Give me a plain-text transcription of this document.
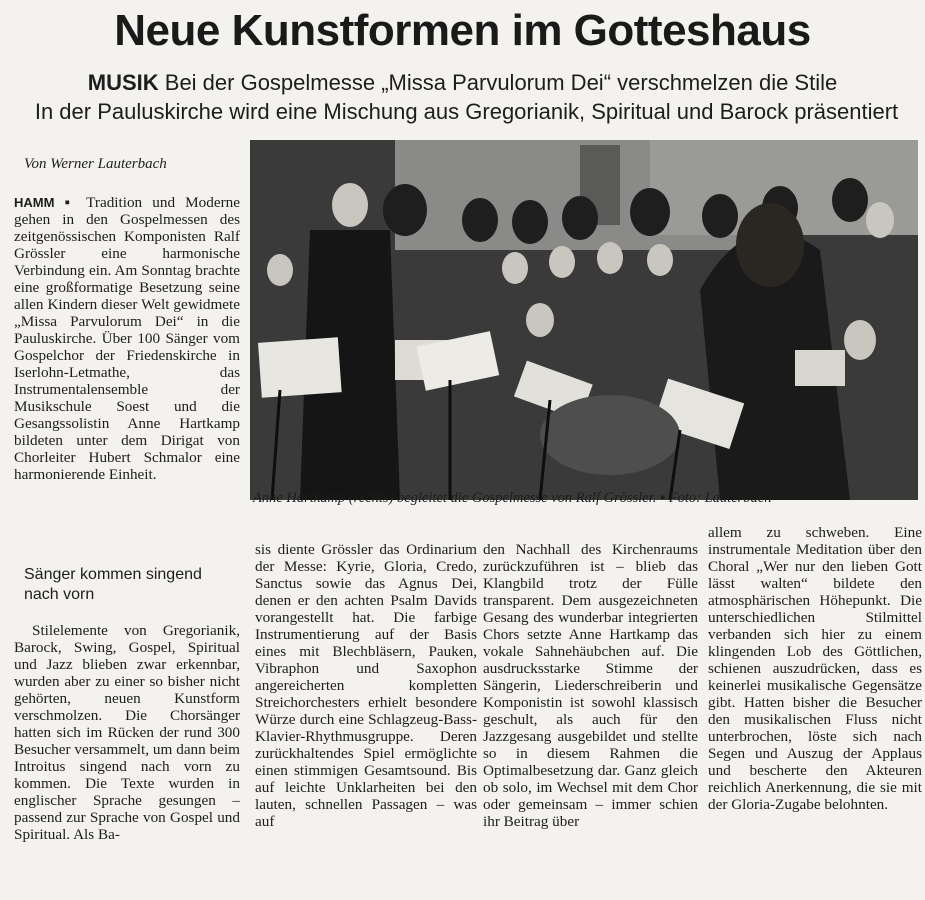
Neue Kunstformen im Gotteshaus
MUSIK Bei der Gospelmesse „Missa Parvulorum Dei“ verschmelzen die Stile
In der Pauluskirche wird eine Mischung aus Gregorianik, Spiritual und Barock präsentiert
Von Werner Lauterbach
Anne Hartkamp (rechts) begleitet die Gospelmesse von Ralf Grössler. ▪ Foto: Lauterbach
HAMM ▪ Tradition und Moderne gehen in den Gospelmessen des zeitgenössischen Komponisten Ralf Grössler eine harmonische Verbindung ein. Am Sonntag brachte eine großformatige Besetzung seine allen Kindern dieser Welt gewidmete „Missa Parvulorum Dei“ in die Pauluskirche. Über 100 Sänger vom Gospelchor der Friedenskirche in Iserlohn-Letmathe, das Instrumentalensemble der Musikschule Soest und die Gesangssolistin Anne Hartkamp bildeten unter dem Dirigat von Chorleiter Hubert Schmalor eine harmonierende Einheit.
Sänger kommen singend nach vorn

Stilelemente von Gregorianik, Barock, Swing, Gospel, Spiritual und Jazz blieben zwar erkennbar, wurden aber zu einer so bisher nicht gehörten, neuen Kunstform verschmolzen. Die Chorsänger hatten sich im Rücken der rund 300 Besucher versammelt, um dann beim Introitus singend nach vorn zu kommen. Die Texte wurden in englischer Sprache gesungen – passend zur Sprache von Gospel und Spiritual. Als Ba-

sis diente Grössler das Ordinarium der Messe: Kyrie, Gloria, Credo, Sanctus sowie das Agnus Dei, denen er den achten Psalm Davids vorangestellt hat. Die farbige Instrumentierung auf der Basis eines mit Blechbläsern, Pauken, Vibraphon und Saxophon angereicherten kompletten Streichorchesters erhielt besondere Würze durch eine Schlagzeug-Bass-Klavier-Rhythmusgruppe. Deren zurückhaltendes Spiel ermöglichte einen stimmigen Gesamtsound. Bis auf leichte Unklarheiten bei den lauten, schnellen Passagen – was auf

den Nachhall des Kirchenraums zurückzuführen ist – blieb das Klangbild trotz der Fülle transparent. Dem ausgezeichneten Gesang des wunderbar integrierten Chors setzte Anne Hartkamp das vokale Sahnehäubchen auf. Die ausdrucksstarke Stimme der Sängerin, Liederschreiberin und Komponistin ist sowohl klassisch geschult, als auch für den Jazzgesang ausgebildet und stellte so in diesem Rahmen die Optimalbesetzung dar. Ganz gleich ob solo, im Wechsel mit dem Chor oder gemeinsam – immer schien ihr Beitrag über

allem zu schweben. Eine instrumentale Meditation über den Choral „Wer nur den lieben Gott lässt walten“ bildete den atmosphärischen Höhepunkt. Die unterschiedlichen Stilmittel verbanden sich hier zu einem klingenden Lob des Göttlichen, schienen auszudrücken, dass es keinerlei musikalische Gegensätze gibt. Hatten bisher die Besucher den musikalischen Fluss nicht unterbrochen, löste sich nach Segen und Auszug der Applaus und bescherte den Akteuren reichlich Anerkennung, die sie mit der Gloria-Zugabe belohnten.
